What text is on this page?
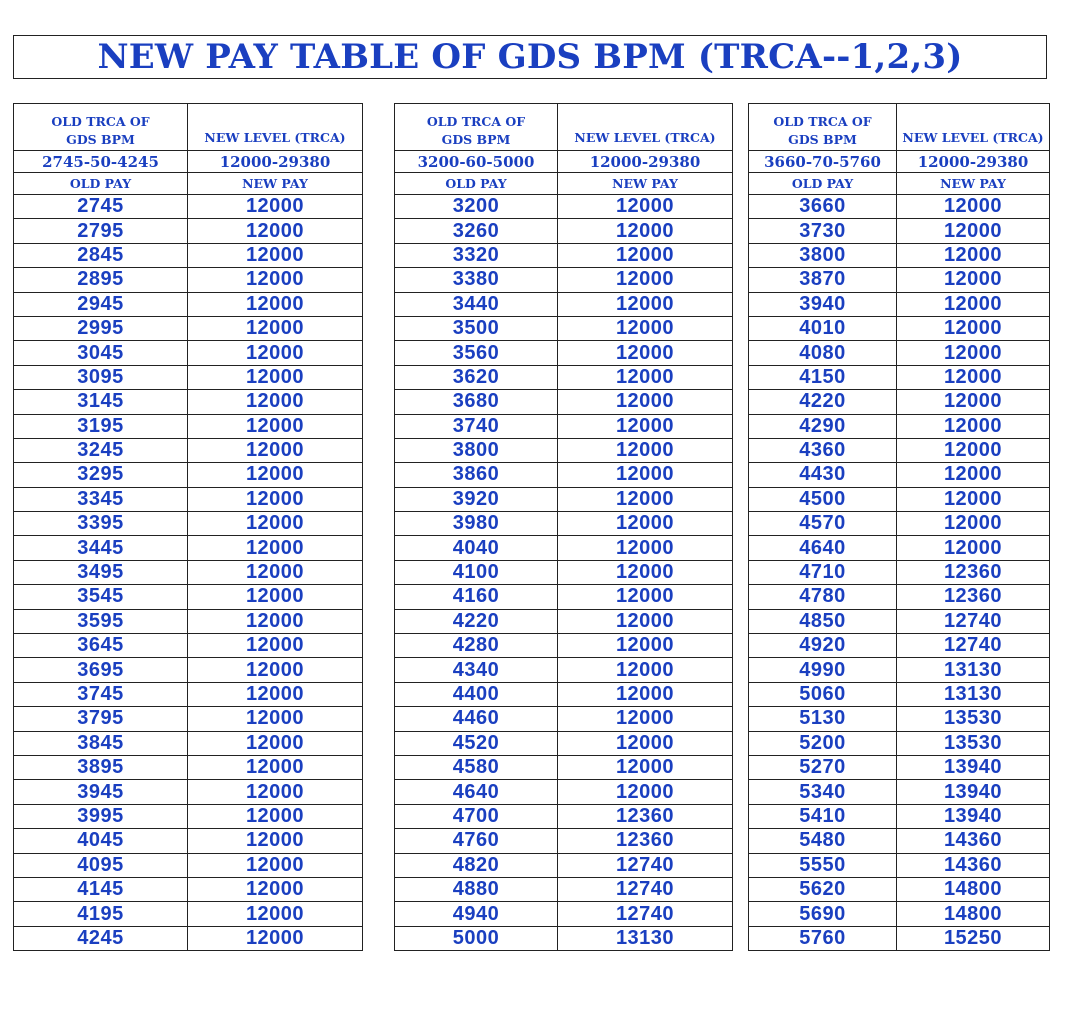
NEW PAY TABLE OF GDS BPM (TRCA--1,2,3)
OLD TRCA OF
GDS BPM	NEW LEVEL (TRCA)
2745-50-4245	12000-29380
OLD PAY	NEW PAY
2745	12000
2795	12000
2845	12000
2895	12000
2945	12000
2995	12000
3045	12000
3095	12000
3145	12000
3195	12000
3245	12000
3295	12000
3345	12000
3395	12000
3445	12000
3495	12000
3545	12000
3595	12000
3645	12000
3695	12000
3745	12000
3795	12000
3845	12000
3895	12000
3945	12000
3995	12000
4045	12000
4095	12000
4145	12000
4195	12000
4245	12000
OLD TRCA OF
GDS BPM	NEW LEVEL (TRCA)
3200-60-5000	12000-29380
OLD PAY	NEW PAY
3200	12000
3260	12000
3320	12000
3380	12000
3440	12000
3500	12000
3560	12000
3620	12000
3680	12000
3740	12000
3800	12000
3860	12000
3920	12000
3980	12000
4040	12000
4100	12000
4160	12000
4220	12000
4280	12000
4340	12000
4400	12000
4460	12000
4520	12000
4580	12000
4640	12000
4700	12360
4760	12360
4820	12740
4880	12740
4940	12740
5000	13130
OLD TRCA OF
GDS BPM	NEW LEVEL (TRCA)
3660-70-5760	12000-29380
OLD PAY	NEW PAY
3660	12000
3730	12000
3800	12000
3870	12000
3940	12000
4010	12000
4080	12000
4150	12000
4220	12000
4290	12000
4360	12000
4430	12000
4500	12000
4570	12000
4640	12000
4710	12360
4780	12360
4850	12740
4920	12740
4990	13130
5060	13130
5130	13530
5200	13530
5270	13940
5340	13940
5410	13940
5480	14360
5550	14360
5620	14800
5690	14800
5760	15250
